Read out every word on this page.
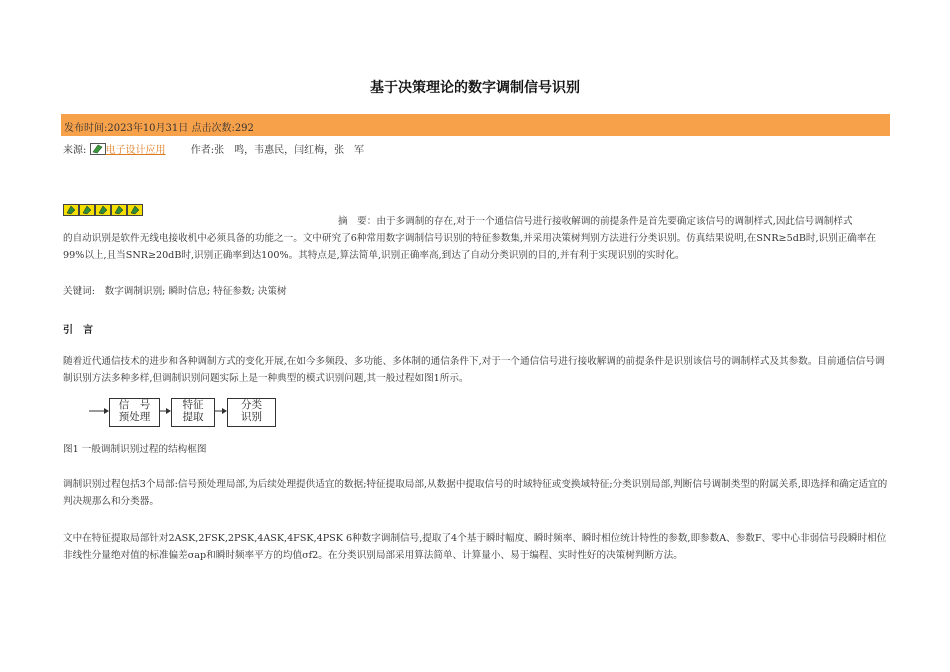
基于决策理论的数字调制信号识别
发布时间:2023年10月31日 点击次数:292
来源: 电子设计应用	作者:张　鸣，韦惠民，闫红梅，张　军
摘　要：由于多调制的存在,对于一个通信信号进行接收解调的前提条件是首先要确定该信号的调制样式,因此信号调制样式
的自动识别是软件无线电接收机中必须具备的功能之一。文中研究了6种常用数字调制信号识别的特征参数集,并采用决策树判别方法进行分类识别。仿真结果说明,在SNR≥5dB时,识别正确率在99%以上,且当SNR≥20dB时,识别正确率到达100%。其特点是,算法简单,识别正确率高,到达了自动分类识别的目的,并有利于实现识别的实时化。
关键词:　数字调制识别; 瞬时信息; 特征参数; 决策树
引言
随着近代通信技术的进步和各种调制方式的变化开展,在如今多频段、多功能、多体制的通信条件下,对于一个通信信号进行接收解调的前提条件是识别该信号的调制样式及其参数。目前通信信号调制识别方法多种多样,但调制识别问题实际上是一种典型的模式识别问题,其一般过程如图1所示。
信　号
预处理
特征
提取
分类
识别
图1 一般调制识别过程的结构框图
调制识别过程包括3个局部:信号预处理局部,为后续处理提供适宜的数据;特征提取局部,从数据中提取信号的时域特征或变换域特征;分类识别局部,判断信号调制类型的附属关系,即选择和确定适宜的判决规那么和分类器。
文中在特征提取局部针对2ASK,2FSK,2PSK,4ASK,4FSK,4PSK 6种数字调制信号,提取了4个基于瞬时幅度、瞬时频率、瞬时相位统计特性的参数,即参数A、参数F、零中心非弱信号段瞬时相位非线性分量绝对值的标准偏差σap和瞬时频率平方的均值σf2。在分类识别局部采用算法简单、计算量小、易于编程、实时性好的决策树判断方法。
